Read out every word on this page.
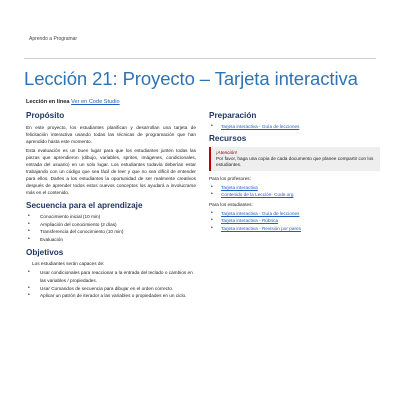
Aprendo a Programar
Lección 21: Proyecto – Tarjeta interactiva
Lección en línea Ver en Code Studio
Propósito

En este proyecto, los estudiantes planifican y desarrollan una tarjeta de felicitación interactiva usando todas las técnicas de programación que han aprendido hasta este momento.

Esta evaluación es un buen lugar para que los estudiantes junten todas las piezas que aprendieron (dibujo, variables, sprites, imágenes, condicionales, entrada del usuario) en un solo lugar. Los estudiantes todavía deberían estar trabajando con un código que sea fácil de leer y que no sea difícil de entender para ellos. Darles a los estudiantes la oportunidad de ser realmente creativos después de aprender todos estos nuevos conceptos los ayudará a involucrarse más en el contenido.

Secuencia para el aprendizaje
• Conocimiento inicial (10 min)
• Ampliación del conocimiento (2 días)
• Transferencia del conocimiento (10 min)
• Evaluación
Objetivos
Los estudiantes serán capaces de:
• Usar condicionales para reaccionar a la entrada del teclado o cambios en las variables / propiedades.
• Usar Comandos de secuencia para dibujar en el orden correcto.
• Aplicar un patrón de iterador a las variables o propiedades en un ciclo.
Preparación
• Tarjeta interactiva - Guía de lecciones
Recursos
¡Atención!
Por favor, haga una copia de cada documento que planee compartir con los estudiantes.
Para los profesores:
• Tarjeta interactiva
• Contenido de la Lección- Code.org
Para los estudiantes:
• Tarjeta interactiva - Guía de lecciones
• Tarjeta interactiva - Rúbrica
• Tarjeta interactiva - Revisión por pares
